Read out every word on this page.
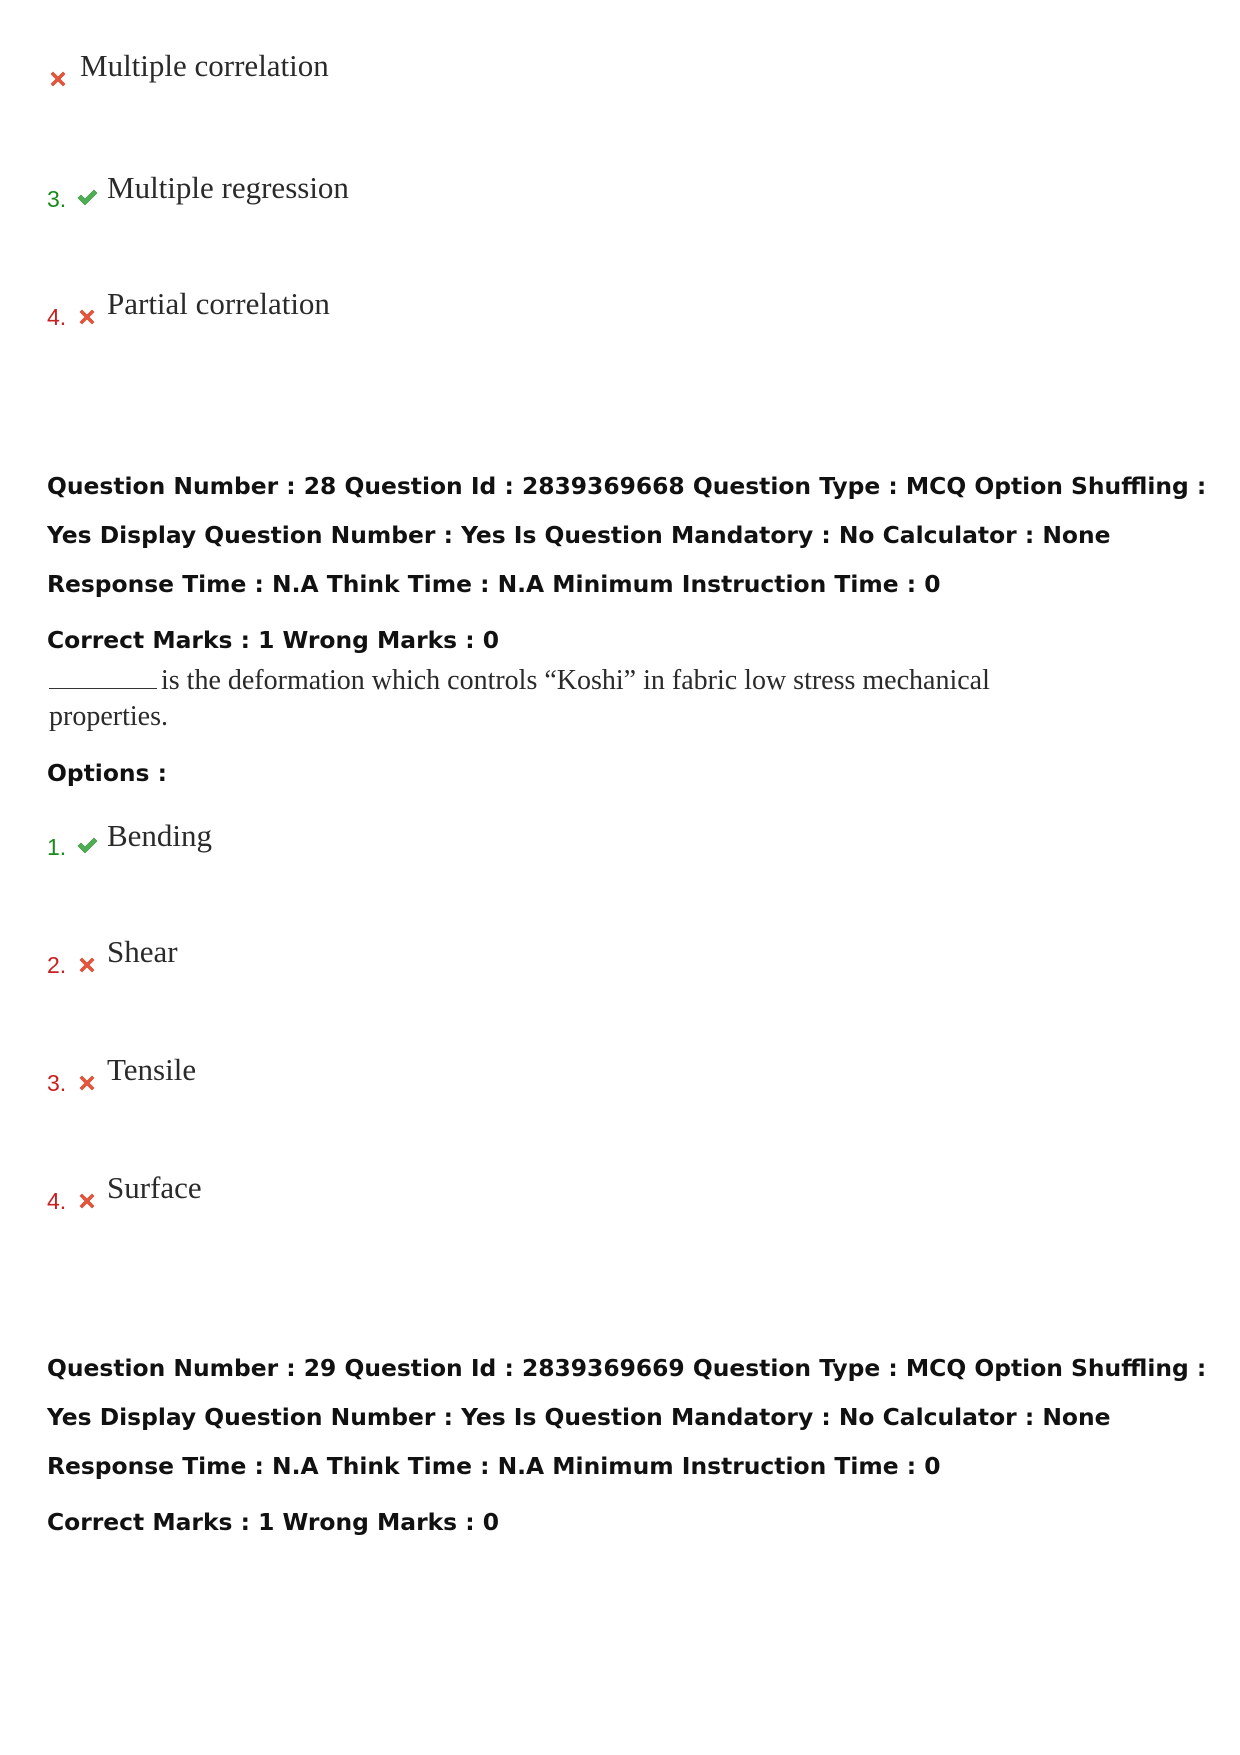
Multiple correlation
3. Multiple regression
4. Partial correlation
Question Number : 28 Question Id : 2839369668 Question Type : MCQ Option Shuffling : Yes Display Question Number : Yes Is Question Mandatory : No Calculator : None Response Time : N.A Think Time : N.A Minimum Instruction Time : 0
Correct Marks : 1 Wrong Marks : 0
is the deformation which controls “Koshi” in fabric low stress mechanical properties.
Options :
1. Bending
2. Shear
3. Tensile
4. Surface
Question Number : 29 Question Id : 2839369669 Question Type : MCQ Option Shuffling : Yes Display Question Number : Yes Is Question Mandatory : No Calculator : None Response Time : N.A Think Time : N.A Minimum Instruction Time : 0
Correct Marks : 1 Wrong Marks : 0
